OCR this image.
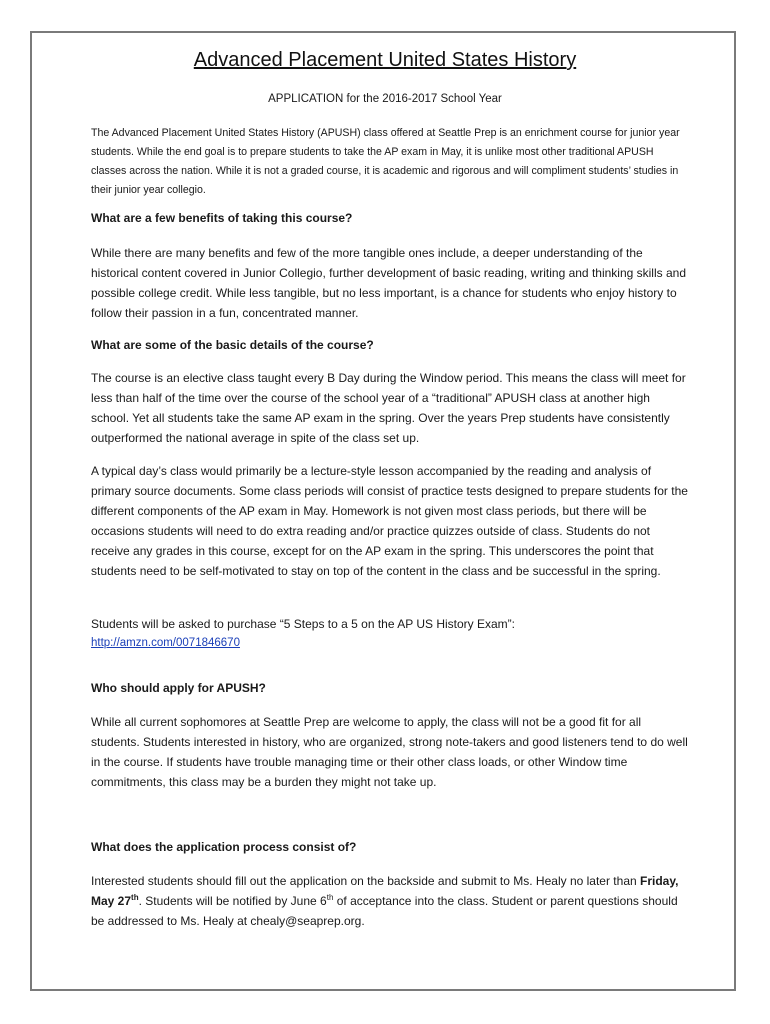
Advanced Placement United States History
APPLICATION for the 2016-2017 School Year
The Advanced Placement United States History (APUSH) class offered at Seattle Prep is an enrichment course for junior year students. While the end goal is to prepare students to take the AP exam in May, it is unlike most other traditional APUSH classes across the nation. While it is not a graded course, it is academic and rigorous and will compliment students’ studies in their junior year collegio.
What are a few benefits of taking this course?
While there are many benefits and few of the more tangible ones include, a deeper understanding of the historical content covered in Junior Collegio, further development of basic reading, writing and thinking skills and possible college credit. While less tangible, but no less important, is a chance for students who enjoy history to follow their passion in a fun, concentrated manner.
What are some of the basic details of the course?
The course is an elective class taught every B Day during the Window period. This means the class will meet for less than half of the time over the course of the school year of a “traditional” APUSH class at another high school. Yet all students take the same AP exam in the spring. Over the years Prep students have consistently outperformed the national average in spite of the class set up.
A typical day’s class would primarily be a lecture-style lesson accompanied by the reading and analysis of primary source documents. Some class periods will consist of practice tests designed to prepare students for the different components of the AP exam in May. Homework is not given most class periods, but there will be occasions students will need to do extra reading and/or practice quizzes outside of class. Students do not receive any grades in this course, except for on the AP exam in the spring. This underscores the point that students need to be self-motivated to stay on top of the content in the class and be successful in the spring.
Students will be asked to purchase “5 Steps to a 5 on the AP US History Exam”:
http://amzn.com/0071846670
Who should apply for APUSH?
While all current sophomores at Seattle Prep are welcome to apply, the class will not be a good fit for all students. Students interested in history, who are organized, strong note-takers and good listeners tend to do well in the course. If students have trouble managing time or their other class loads, or other Window time commitments, this class may be a burden they might not take up.
What does the application process consist of?
Interested students should fill out the application on the backside and submit to Ms. Healy no later than Friday, May 27th. Students will be notified by June 6th of acceptance into the class. Student or parent questions should be addressed to Ms. Healy at chealy@seaprep.org.
